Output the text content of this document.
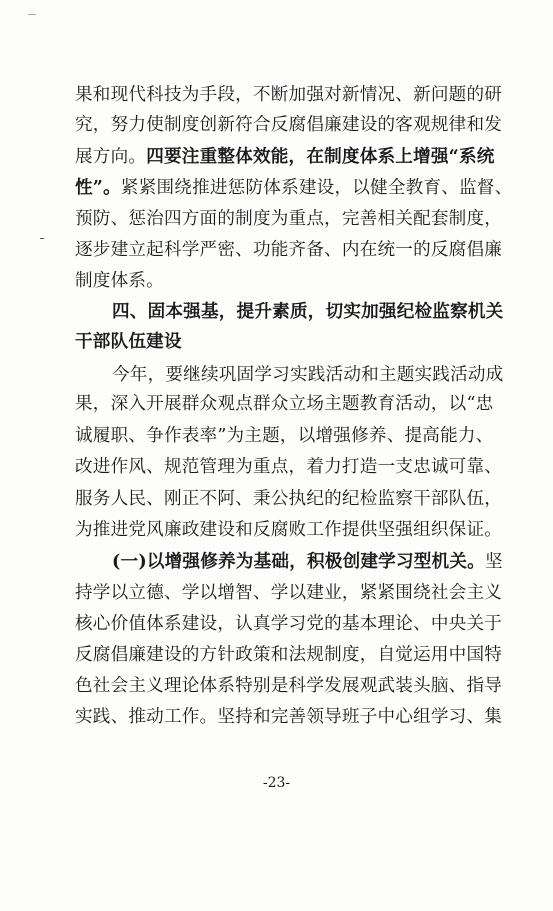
果和现代科技为手段，不断加强对新情况、新问题的研
究，努力使制度创新符合反腐倡廉建设的客观规律和发
展方向。四要注重整体效能，在制度体系上增强“系统
性”。紧紧围绕推进惩防体系建设，以健全教育、监督、
预防、惩治四方面的制度为重点，完善相关配套制度，
逐步建立起科学严密、功能齐备、内在统一的反腐倡廉
制度体系。
四、固本强基，提升素质，切实加强纪检监察机关
干部队伍建设
今年，要继续巩固学习实践活动和主题实践活动成
果，深入开展群众观点群众立场主题教育活动，以“忠
诚履职、争作表率”为主题，以增强修养、提高能力、
改进作风、规范管理为重点，着力打造一支忠诚可靠、
服务人民、刚正不阿、秉公执纪的纪检监察干部队伍，
为推进党风廉政建设和反腐败工作提供坚强组织保证。
(一)以增强修养为基础，积极创建学习型机关。坚
持学以立德、学以增智、学以建业，紧紧围绕社会主义
核心价值体系建设，认真学习党的基本理论、中央关于
反腐倡廉建设的方针政策和法规制度，自觉运用中国特
色社会主义理论体系特别是科学发展观武装头脑、指导
实践、推动工作。坚持和完善领导班子中心组学习、集
-23-
